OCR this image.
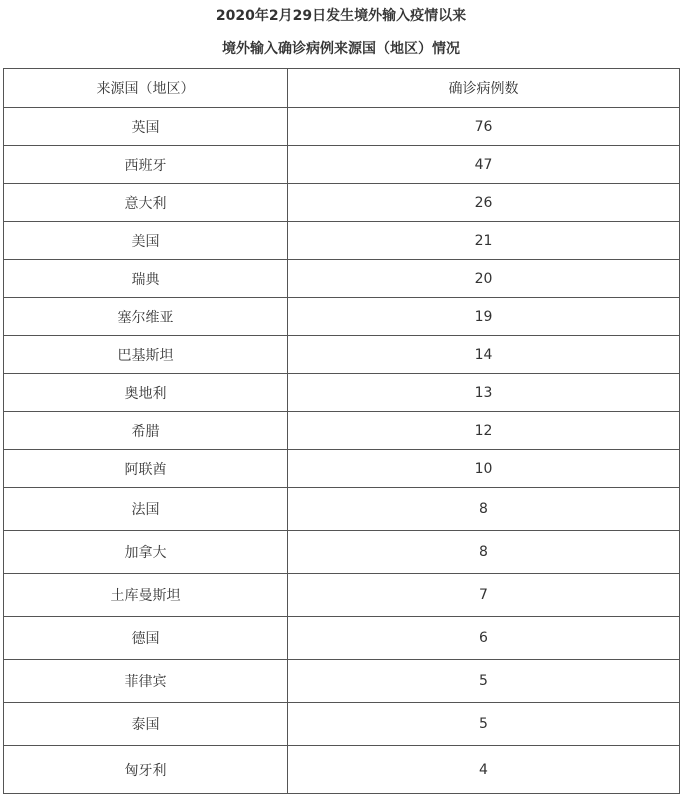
2020年2月29日发生境外输入疫情以来
境外输入确诊病例来源国（地区）情况
来源国（地区）	确诊病例数
英国	76
西班牙	47
意大利	26
美国	21
瑞典	20
塞尔维亚	19
巴基斯坦	14
奥地利	13
希腊	12
阿联酋	10
法国	8
加拿大	8
土库曼斯坦	7
德国	6
菲律宾	5
泰国	5
匈牙利	4
